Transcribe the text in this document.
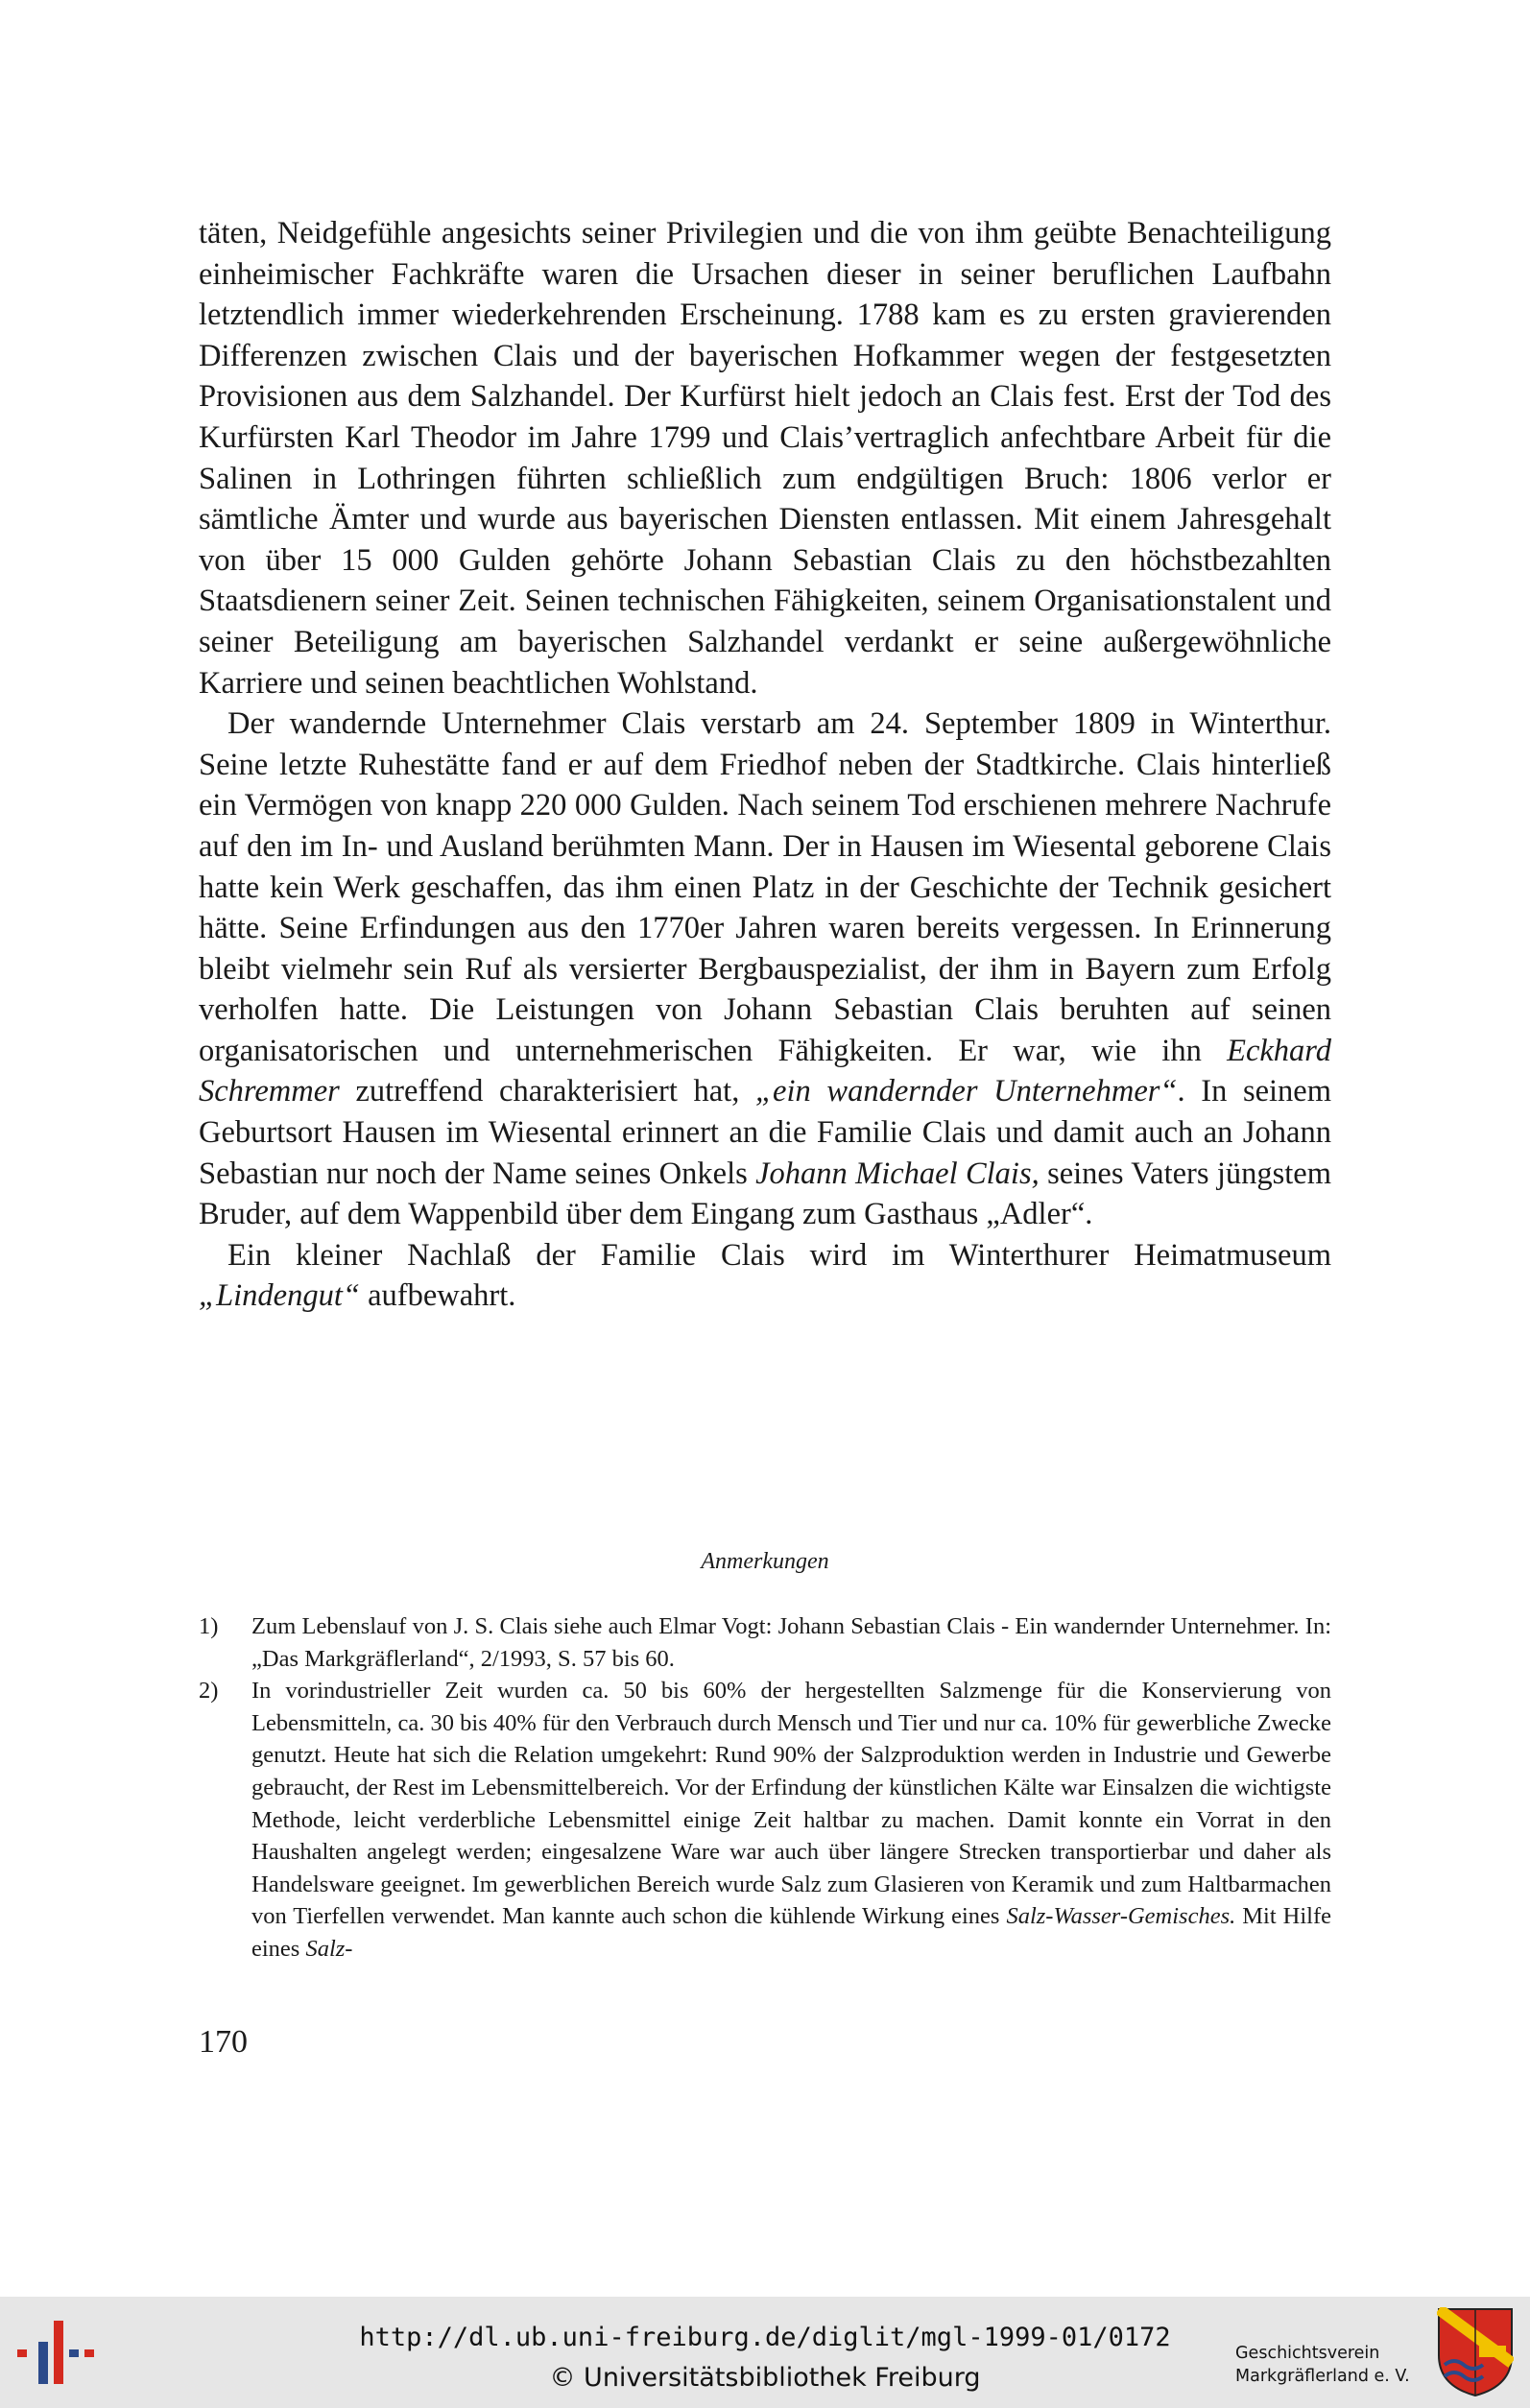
täten, Neidgefühle angesichts seiner Privilegien und die von ihm geübte Benachteiligung einheimischer Fachkräfte waren die Ursachen dieser in seiner beruflichen Laufbahn letztendlich immer wiederkehrenden Erscheinung. 1788 kam es zu ersten gravierenden Differenzen zwischen Clais und der bayerischen Hofkammer wegen der festgesetzten Provisionen aus dem Salzhandel. Der Kurfürst hielt jedoch an Clais fest. Erst der Tod des Kurfürsten Karl Theodor im Jahre 1799 und Clais’vertraglich anfechtbare Arbeit für die Salinen in Lothringen führten schließlich zum endgültigen Bruch: 1806 verlor er sämtliche Ämter und wurde aus bayerischen Diensten entlassen. Mit einem Jahresgehalt von über 15 000 Gulden gehörte Johann Sebastian Clais zu den höchstbezahlten Staatsdienern seiner Zeit. Seinen technischen Fähigkeiten, seinem Organisationstalent und seiner Beteiligung am bayerischen Salzhandel verdankt er seine außergewöhnliche Karriere und seinen beachtlichen Wohlstand.

Der wandernde Unternehmer Clais verstarb am 24. September 1809 in Winterthur. Seine letzte Ruhestätte fand er auf dem Friedhof neben der Stadtkirche. Clais hinterließ ein Vermögen von knapp 220 000 Gulden. Nach seinem Tod erschienen mehrere Nachrufe auf den im In- und Ausland berühmten Mann. Der in Hausen im Wiesental geborene Clais hatte kein Werk geschaffen, das ihm einen Platz in der Geschichte der Technik gesichert hätte. Seine Erfindungen aus den 1770er Jahren waren bereits vergessen. In Erinnerung bleibt vielmehr sein Ruf als versierter Bergbauspezialist, der ihm in Bayern zum Erfolg verholfen hatte. Die Leistungen von Johann Sebastian Clais beruhten auf seinen organisatorischen und unternehmerischen Fähigkeiten. Er war, wie ihn Eckhard Schremmer zutreffend charakterisiert hat, „ein wandernder Unternehmer“. In seinem Geburtsort Hausen im Wiesental erinnert an die Familie Clais und damit auch an Johann Sebastian nur noch der Name seines Onkels Johann Michael Clais, seines Vaters jüngstem Bruder, auf dem Wappenbild über dem Eingang zum Gasthaus „Adler“.

Ein kleiner Nachlaß der Familie Clais wird im Winterthurer Heimatmuseum „Lindengut“ aufbewahrt.

Anmerkungen

1) Zum Lebenslauf von J. S. Clais siehe auch Elmar Vogt: Johann Sebastian Clais - Ein wandernder Unternehmer. In: „Das Markgräflerland“, 2/1993, S. 57 bis 60.

2) In vorindustrieller Zeit wurden ca. 50 bis 60% der hergestellten Salzmenge für die Konservierung von Lebensmitteln, ca. 30 bis 40% für den Verbrauch durch Mensch und Tier und nur ca. 10% für gewerbliche Zwecke genutzt. Heute hat sich die Relation umgekehrt: Rund 90% der Salzproduktion werden in Industrie und Gewerbe gebraucht, der Rest im Lebensmittelbereich. Vor der Erfindung der künstlichen Kälte war Einsalzen die wichtigste Methode, leicht verderbliche Lebensmittel einige Zeit haltbar zu machen. Damit konnte ein Vorrat in den Haushalten angelegt werden; eingesalzene Ware war auch über längere Strecken transportierbar und daher als Handelsware geeignet. Im gewerblichen Bereich wurde Salz zum Glasieren von Keramik und zum Haltbarmachen von Tierfellen verwendet. Man kannte auch schon die kühlende Wirkung eines Salz-Wasser-Gemisches. Mit Hilfe eines Salz-

170
http://dl.ub.uni-freiburg.de/diglit/mgl-1999-01/0172
© Universitätsbibliothek Freiburg
Geschichtsverein
Markgräflerland e. V.
